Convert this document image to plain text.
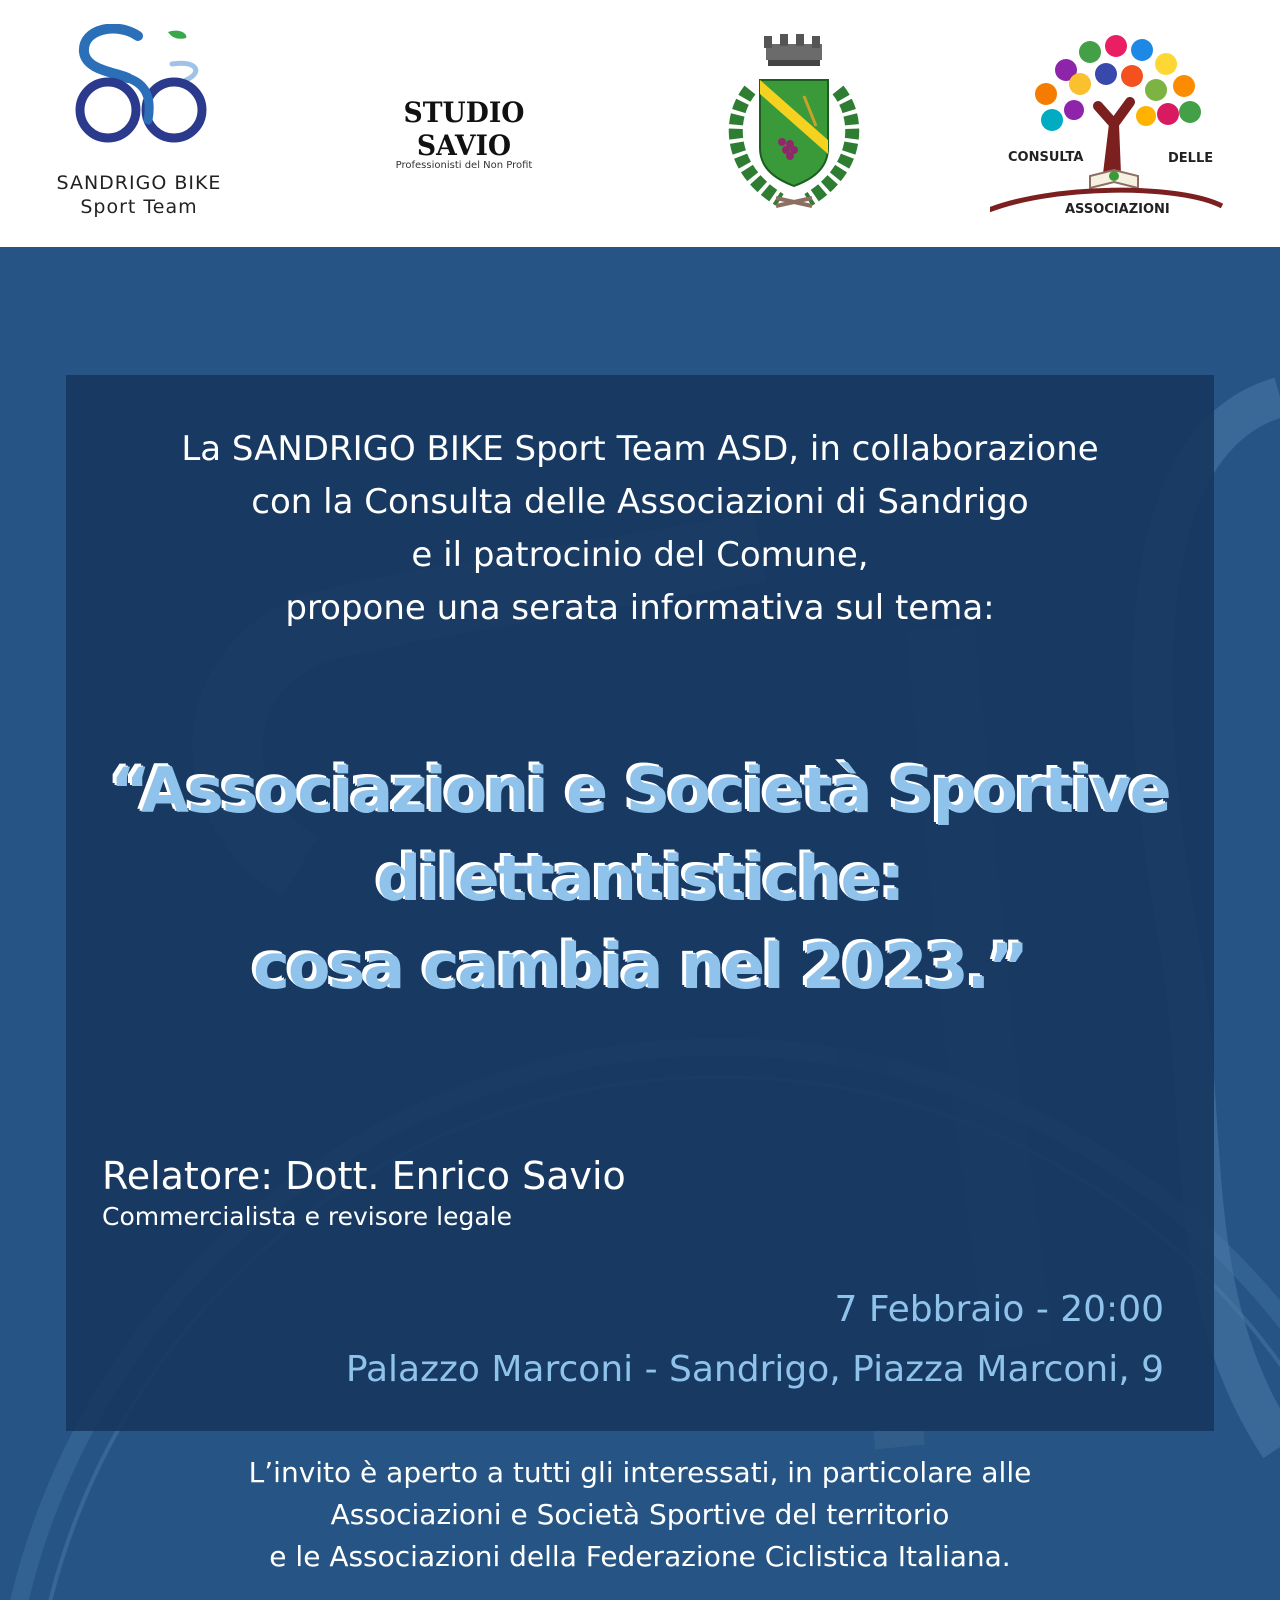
SANDRIGO BIKE
Sport Team
STUDIO SAVIO
Professionisti del Non Profit
CONSULTA	DELLE
ASSOCIAZIONI
La SANDRIGO BIKE Sport Team ASD, in collaborazione
con la Consulta delle Associazioni di Sandrigo
e il patrocinio del Comune,
propone una serata informativa sul tema:
“Associazioni e Società Sportive
dilettantistiche:
cosa cambia nel 2023.”
Relatore: Dott. Enrico Savio
Commercialista e revisore legale
7 Febbraio - 20:00
Palazzo Marconi - Sandrigo, Piazza Marconi, 9
L’invito è aperto a tutti gli interessati, in particolare alle
Associazioni e Società Sportive del territorio
e le Associazioni della Federazione Ciclistica Italiana.
